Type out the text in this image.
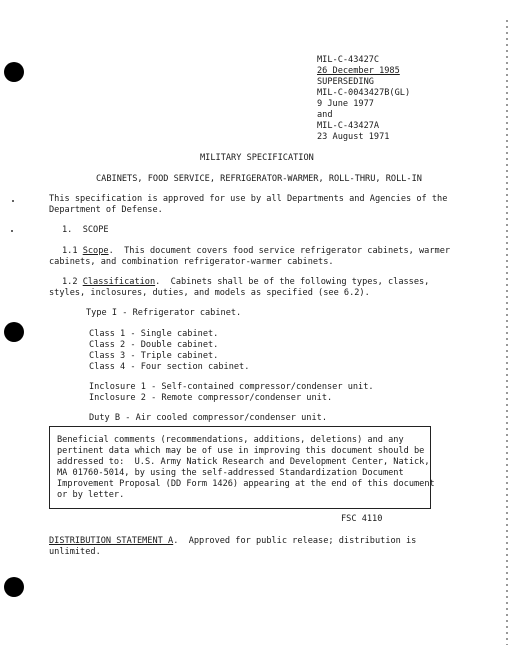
MIL-C-43427C
26 December 1985
SUPERSEDING
MIL-C-0043427B(GL)
9 June 1977
and
MIL-C-43427A
23 August 1971
MILITARY SPECIFICATION
CABINETS, FOOD SERVICE, REFRIGERATOR-WARMER, ROLL-THRU, ROLL-IN
This specification is approved for use by all Departments and Agencies of the
Department of Defense.
1.  SCOPE
1.1 Scope.  This document covers food service refrigerator cabinets, warmer
cabinets, and combination refrigerator-warmer cabinets.
1.2 Classification.  Cabinets shall be of the following types, classes,
styles, inclosures, duties, and models as specified (see 6.2).
Type I - Refrigerator cabinet.
Class 1 - Single cabinet.
Class 2 - Double cabinet.
Class 3 - Triple cabinet.
Class 4 - Four section cabinet.
Inclosure 1 - Self-contained compressor/condenser unit.
Inclosure 2 - Remote compressor/condenser unit.
Duty B - Air cooled compressor/condenser unit.
Beneficial comments (recommendations, additions, deletions) and any
pertinent data which may be of use in improving this document should be
addressed to:  U.S. Army Natick Research and Development Center, Natick,
MA 01760-5014, by using the self-addressed Standardization Document
Improvement Proposal (DD Form 1426) appearing at the end of this document
or by letter.
FSC 4110
DISTRIBUTION STATEMENT A.  Approved for public release; distribution is
unlimited.
